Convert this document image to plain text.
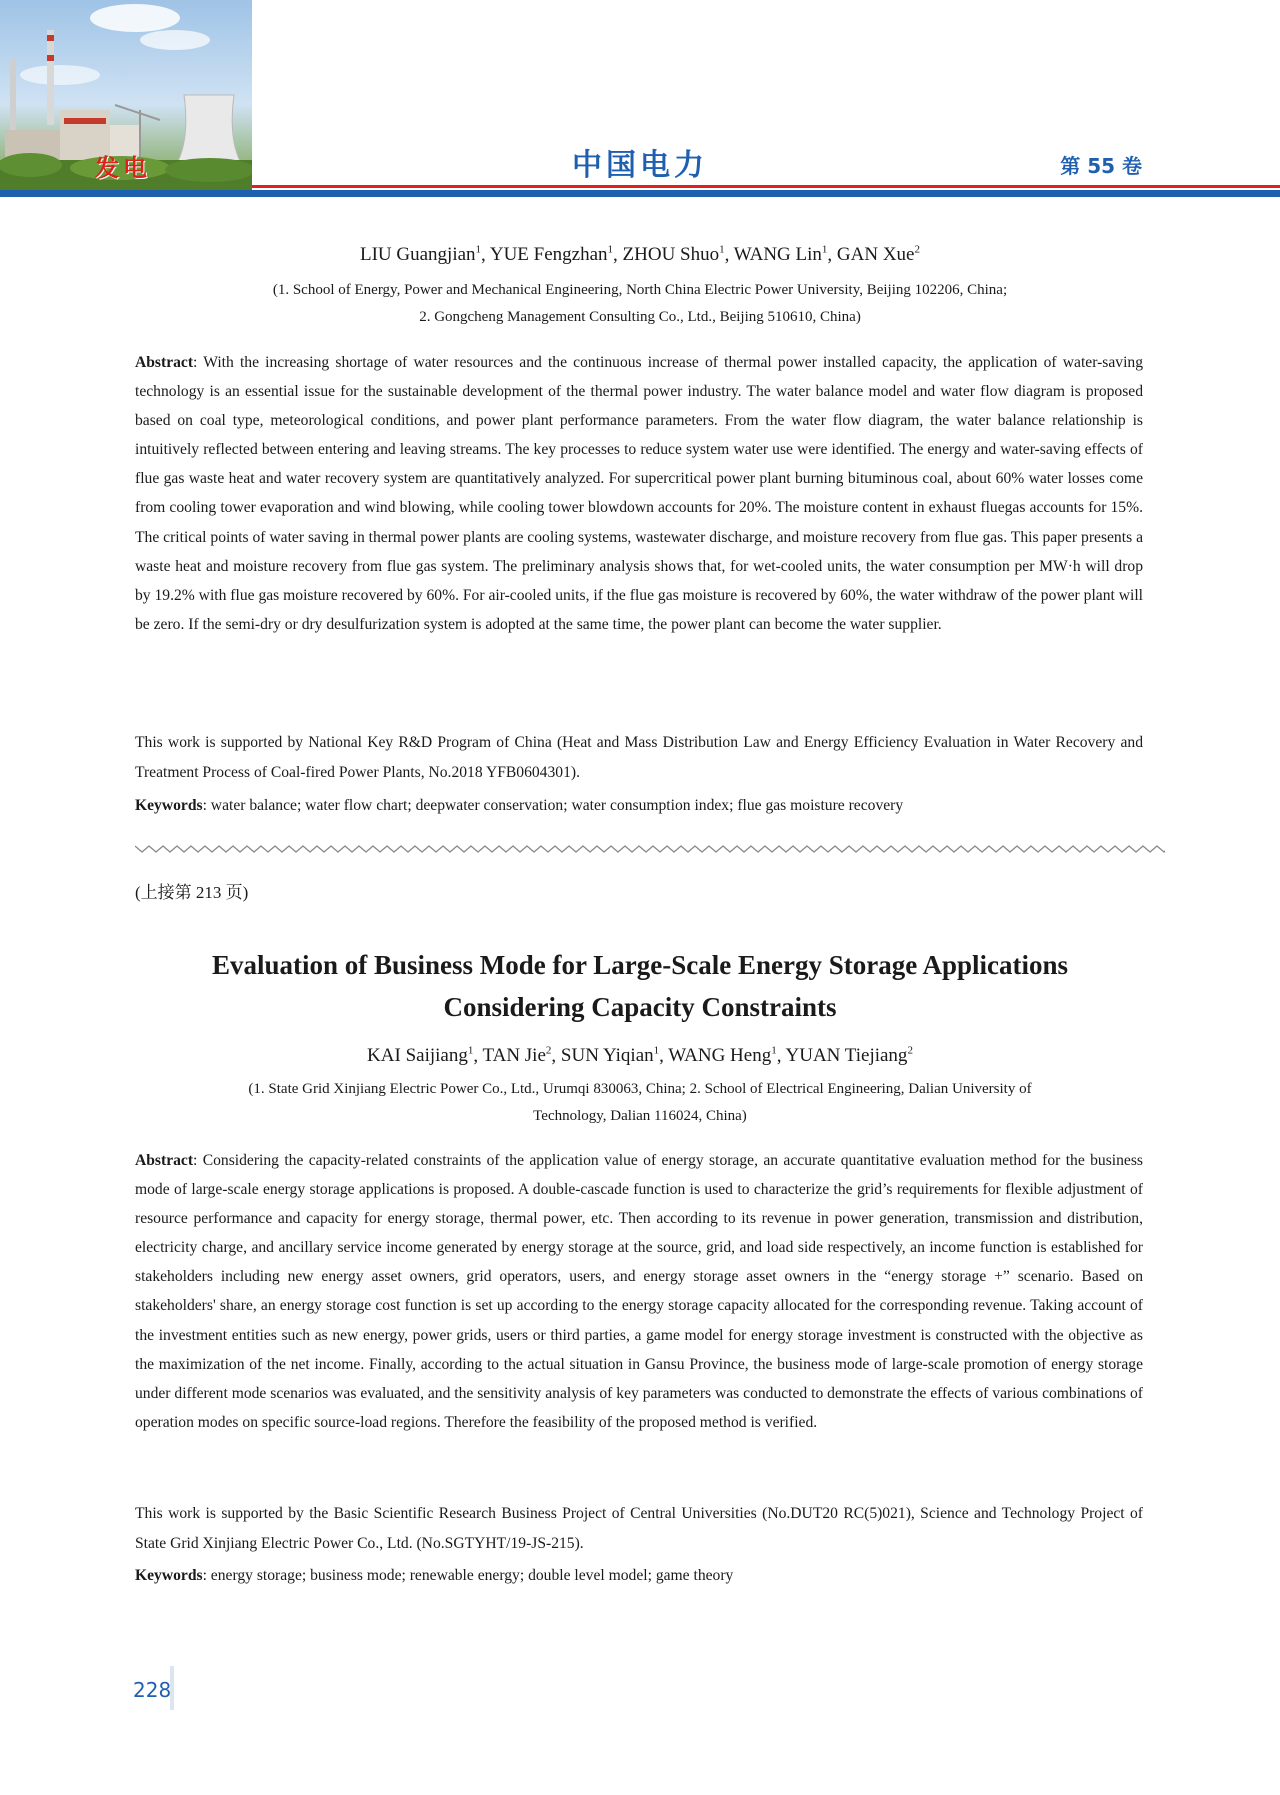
发电	中国电力	第 55 卷
LIU Guangjian$^1$, YUE Fengzhan$^1$, ZHOU Shuo$^1$, WANG Lin$^1$, GAN Xue$^2$
(1. School of Energy, Power and Mechanical Engineering, North China Electric Power University, Beijing 102206, China;
2. Gongcheng Management Consulting Co., Ltd., Beijing 510610, China)

Abstract: With the increasing shortage of water resources and the continuous increase of thermal power installed capacity, the application of water-saving technology is an essential issue for the sustainable development of the thermal power industry. The water balance model and water flow diagram is proposed based on coal type, meteorological conditions, and power plant performance parameters. From the water flow diagram, the water balance relationship is intuitively reflected between entering and leaving streams. The key processes to reduce system water use were identified. The energy and water-saving effects of flue gas waste heat and water recovery system are quantitatively analyzed. For supercritical power plant burning bituminous coal, about 60% water losses come from cooling tower evaporation and wind blowing, while cooling tower blowdown accounts for 20%. The moisture content in exhaust fluegas accounts for 15%. The critical points of water saving in thermal power plants are cooling systems, wastewater discharge, and moisture recovery from flue gas. This paper presents a waste heat and moisture recovery from flue gas system. The preliminary analysis shows that, for wet-cooled units, the water consumption per MW·h will drop by 19.2% with flue gas moisture recovered by 60%. For air-cooled units, if the flue gas moisture is recovered by 60%, the water withdraw of the power plant will be zero. If the semi-dry or dry desulfurization system is adopted at the same time, the power plant can become the water supplier.

This work is supported by National Key R&D Program of China (Heat and Mass Distribution Law and Energy Efficiency Evaluation in Water Recovery and Treatment Process of Coal-fired Power Plants, No.2018 YFB0604301).

Keywords: water balance; water flow chart; deepwater conservation; water consumption index; flue gas moisture recovery

(上接第 213 页)
Evaluation of Business Mode for Large-Scale Energy Storage Applications
Considering Capacity Constraints
KAI Saijiang$^1$, TAN Jie$^2$, SUN Yiqian$^1$, WANG Heng$^1$, YUAN Tiejiang$^2$
(1. State Grid Xinjiang Electric Power Co., Ltd., Urumqi 830063, China; 2. School of Electrical Engineering, Dalian University of
Technology, Dalian 116024, China)

Abstract: Considering the capacity-related constraints of the application value of energy storage, an accurate quantitative evaluation method for the business mode of large-scale energy storage applications is proposed. A double-cascade function is used to characterize the grid’s requirements for flexible adjustment of resource performance and capacity for energy storage, thermal power, etc. Then according to its revenue in power generation, transmission and distribution, electricity charge, and ancillary service income generated by energy storage at the source, grid, and load side respectively, an income function is established for stakeholders including new energy asset owners, grid operators, users, and energy storage asset owners in the “energy storage +” scenario. Based on stakeholders' share, an energy storage cost function is set up according to the energy storage capacity allocated for the corresponding revenue. Taking account of the investment entities such as new energy, power grids, users or third parties, a game model for energy storage investment is constructed with the objective as the maximization of the net income. Finally, according to the actual situation in Gansu Province, the business mode of large-scale promotion of energy storage under different mode scenarios was evaluated, and the sensitivity analysis of key parameters was conducted to demonstrate the effects of various combinations of operation modes on specific source-load regions. Therefore the feasibility of the proposed method is verified.

This work is supported by the Basic Scientific Research Business Project of Central Universities (No.DUT20 RC(5)021), Science and Technology Project of State Grid Xinjiang Electric Power Co., Ltd. (No.SGTYHT/19-JS-215).

Keywords: energy storage; business mode; renewable energy; double level model; game theory

228
